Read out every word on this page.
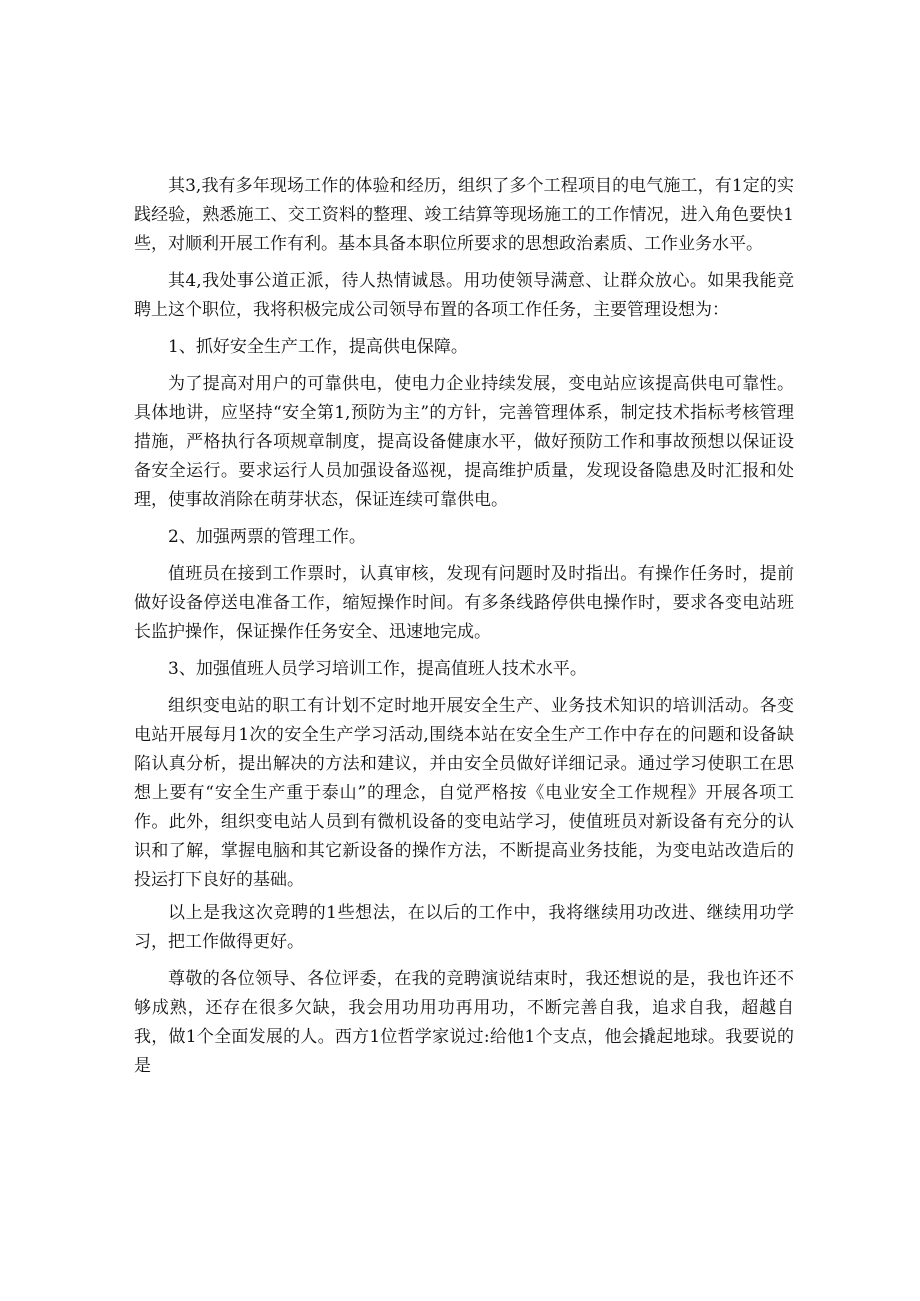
其3,我有多年现场工作的体验和经历，组织了多个工程项目的电气施工，有1定的实践经验，熟悉施工、交工资料的整理、竣工结算等现场施工的工作情况，进入角色要快1些，对顺利开展工作有利。基本具备本职位所要求的思想政治素质、工作业务水平。

其4,我处事公道正派，待人热情诚恳。用功使领导满意、让群众放心。如果我能竞聘上这个职位，我将积极完成公司领导布置的各项工作任务，主要管理设想为：

1、抓好安全生产工作，提高供电保障。

为了提高对用户的可靠供电，使电力企业持续发展，变电站应该提高供电可靠性。具体地讲，应坚持“安全第1,预防为主”的方针，完善管理体系，制定技术指标考核管理措施，严格执行各项规章制度，提高设备健康水平，做好预防工作和事故预想以保证设备安全运行。要求运行人员加强设备巡视，提高维护质量，发现设备隐患及时汇报和处理，使事故消除在萌芽状态，保证连续可靠供电。

2、加强两票的管理工作。

值班员在接到工作票时，认真审核，发现有问题时及时指出。有操作任务时，提前做好设备停送电准备工作，缩短操作时间。有多条线路停供电操作时，要求各变电站班长监护操作，保证操作任务安全、迅速地完成。

3、加强值班人员学习培训工作，提高值班人技术水平。

组织变电站的职工有计划不定时地开展安全生产、业务技术知识的培训活动。各变电站开展每月1次的安全生产学习活动,围绕本站在安全生产工作中存在的问题和设备缺陷认真分析，提出解决的方法和建议，并由安全员做好详细记录。通过学习使职工在思想上要有“安全生产重于泰山”的理念，自觉严格按《电业安全工作规程》开展各项工作。此外，组织变电站人员到有微机设备的变电站学习，使值班员对新设备有充分的认识和了解，掌握电脑和其它新设备的操作方法，不断提高业务技能，为变电站改造后的投运打下良好的基础。

以上是我这次竞聘的1些想法，在以后的工作中，我将继续用功改进、继续用功学习，把工作做得更好。

尊敬的各位领导、各位评委，在我的竞聘演说结束时，我还想说的是，我也许还不够成熟，还存在很多欠缺，我会用功用功再用功，不断完善自我，追求自我，超越自我，做1个全面发展的人。西方1位哲学家说过:给他1个支点，他会撬起地球。我要说的是
